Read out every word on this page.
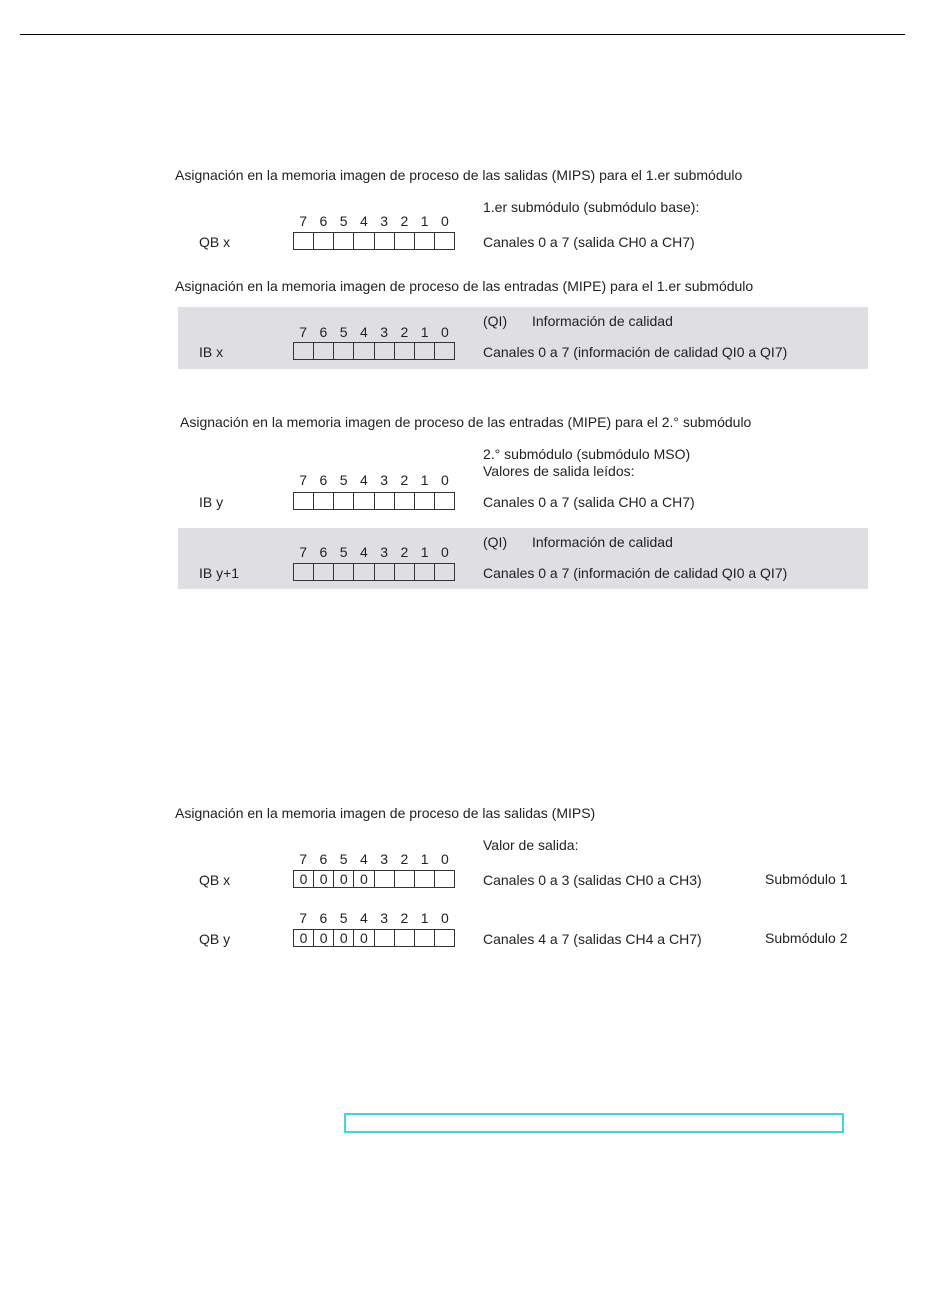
Asignación en la memoria imagen de proceso de las salidas (MIPS) para el 1.er submódulo
1.er submódulo (submódulo base):
7 6 5 4 3 2 1 0
QB x	Canales 0 a 7 (salida CH0 a CH7)
Asignación en la memoria imagen de proceso de las entradas (MIPE) para el 1.er submódulo
(QI) Información de calidad
7 6 5 4 3 2 1 0
IB x	Canales 0 a 7 (información de calidad QI0 a QI7)
Asignación en la memoria imagen de proceso de las entradas (MIPE) para el 2.° submódulo
2.° submódulo (submódulo MSO)
Valores de salida leídos:
7 6 5 4 3 2 1 0
IB y	Canales 0 a 7 (salida CH0 a CH7)
(QI) Información de calidad
7 6 5 4 3 2 1 0
IB y+1	Canales 0 a 7 (información de calidad QI0 a QI7)
Asignación en la memoria imagen de proceso de las salidas (MIPS)
Valor de salida:
7 6 5 4 3 2 1 0
QB x	0 0 0 0	Canales 0 a 3 (salidas CH0 a CH3)	Submódulo 1
7 6 5 4 3 2 1 0
QB y	0 0 0 0	Canales 4 a 7 (salidas CH4 a CH7)	Submódulo 2
